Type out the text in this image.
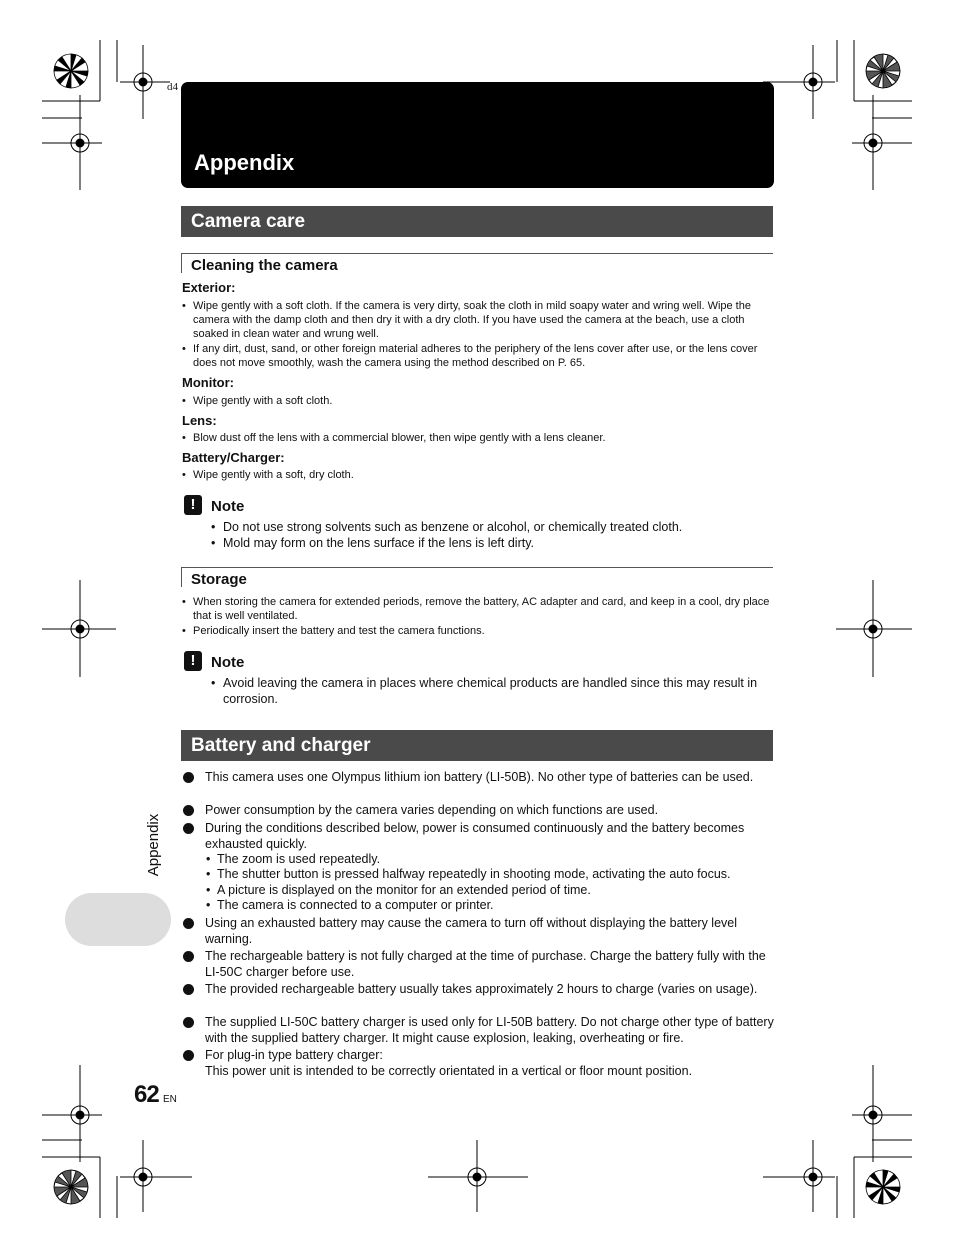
d4
Appendix
Camera care
Cleaning the camera
Exterior:
• Wipe gently with a soft cloth. If the camera is very dirty, soak the cloth in mild soapy water and wring well. Wipe the camera with the damp cloth and then dry it with a dry cloth. If you have used the camera at the beach, use a cloth soaked in clean water and wrung well.
• If any dirt, dust, sand, or other foreign material adheres to the periphery of the lens cover after use, or the lens cover does not move smoothly, wash the camera using the method described on P. 65.
Monitor:
• Wipe gently with a soft cloth.
Lens:
• Blow dust off the lens with a commercial blower, then wipe gently with a lens cleaner.
Battery/Charger:
• Wipe gently with a soft, dry cloth.
!	Note
• Do not use strong solvents such as benzene or alcohol, or chemically treated cloth.
• Mold may form on the lens surface if the lens is left dirty.
Storage
• When storing the camera for extended periods, remove the battery, AC adapter and card, and keep in a cool, dry place that is well ventilated.
• Periodically insert the battery and test the camera functions.
!	Note
• Avoid leaving the camera in places where chemical products are handled since this may result in corrosion.
Battery and charger
This camera uses one Olympus lithium ion battery (LI-50B). No other type of batteries can be used.
Power consumption by the camera varies depending on which functions are used.
During the conditions described below, power is consumed continuously and the battery becomes exhausted quickly.
• The zoom is used repeatedly.
• The shutter button is pressed halfway repeatedly in shooting mode, activating the auto focus.
• A picture is displayed on the monitor for an extended period of time.
• The camera is connected to a computer or printer.
Using an exhausted battery may cause the camera to turn off without displaying the battery level warning.
The rechargeable battery is not fully charged at the time of purchase. Charge the battery fully with the LI-50C charger before use.
The provided rechargeable battery usually takes approximately 2 hours to charge (varies on usage).
The supplied LI-50C battery charger is used only for LI-50B battery. Do not charge other type of battery with the supplied battery charger. It might cause explosion, leaking, overheating or fire.
For plug-in type battery charger:
This power unit is intended to be correctly orientated in a vertical or floor mount position.
Appendix
62 EN
